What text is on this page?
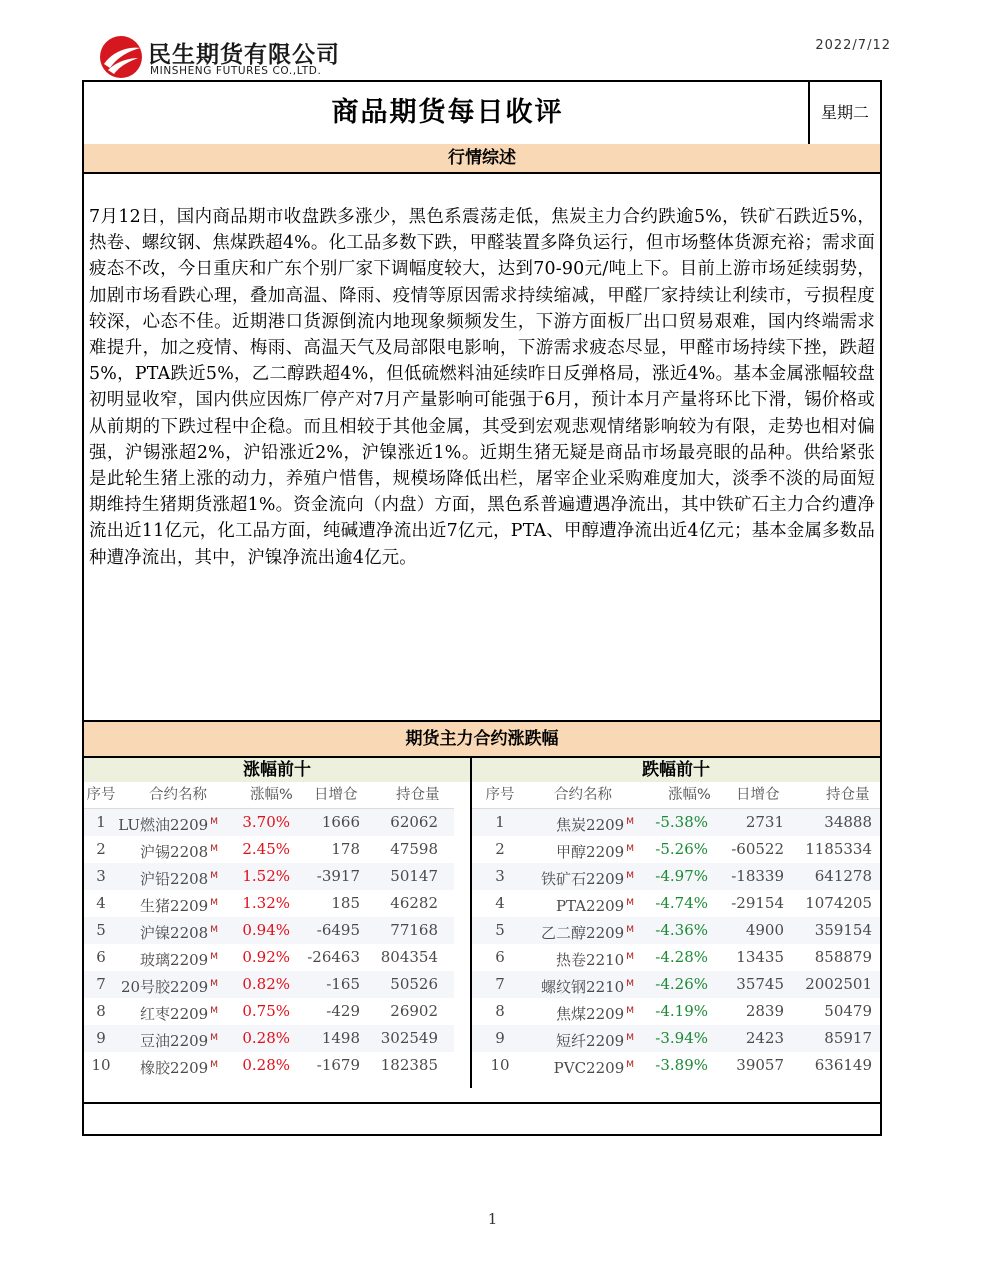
民生期货有限公司
MINSHENG FUTURES CO.,LTD.
2022/7/12
商品期货每日收评	星期二
行情综述
7月12日，国内商品期市收盘跌多涨少，黑色系震荡走低，焦炭主力合约跌逾5%，铁矿石跌近5%，热卷、螺纹钢、焦煤跌超4%。化工品多数下跌，甲醛装置多降负运行，但市场整体货源充裕；需求面疲态不改，今日重庆和广东个别厂家下调幅度较大，达到70-90元/吨上下。目前上游市场延续弱势，加剧市场看跌心理，叠加高温、降雨、疫情等原因需求持续缩减，甲醛厂家持续让利续市，亏损程度较深，心态不佳。近期港口货源倒流内地现象频频发生，下游方面板厂出口贸易艰难，国内终端需求难提升，加之疫情、梅雨、高温天气及局部限电影响，下游需求疲态尽显，甲醛市场持续下挫，跌超5%，PTA跌近5%，乙二醇跌超4%，但低硫燃料油延续昨日反弹格局，涨近4%。基本金属涨幅较盘初明显收窄，国内供应因炼厂停产对7月产量影响可能强于6月，预计本月产量将环比下滑，锡价格或从前期的下跌过程中企稳。而且相较于其他金属，其受到宏观悲观情绪影响较为有限，走势也相对偏强，沪锡涨超2%，沪铅涨近2%，沪镍涨近1%。近期生猪无疑是商品市场最亮眼的品种。供给紧张是此轮生猪上涨的动力，养殖户惜售，规模场降低出栏，屠宰企业采购难度加大，淡季不淡的局面短期维持生猪期货涨超1%。资金流向（内盘）方面，黑色系普遍遭遇净流出，其中铁矿石主力合约遭净流出近11亿元，化工品方面，纯碱遭净流出近7亿元，PTA、甲醇遭净流出近4亿元；基本金属多数品种遭净流出，其中，沪镍净流出逾4亿元。
期货主力合约涨跌幅
涨幅前十
序号 合约名称	涨幅% 日增仓	持仓量
1 LU燃油2209 $^M$	3.70%	1666	62062
2	沪锡2208 $^M$	2.45%	178	47598
3	沪铅2208 $^M$	1.52%	-3917	50147
4	生猪2209 $^M$	1.32%	185	46282
5	沪镍2208 $^M$	0.94%	-6495	77168
6	玻璃2209 $^M$	0.92%	-26463	804354
7	20号胶2209 $^M$	0.82%	-165	50526
8	红枣2209 $^M$	0.75%	-429	26902
9	豆油2209 $^M$	0.28%	1498	302549
10	橡胶2209 $^M$	0.28%	-1679	182385
跌幅前十
序号	合约名称	涨幅% 日增仓	持仓量
1	焦炭2209 $^M$	-5.38%	2731	34888
2	甲醇2209 $^M$	-5.26%	-60522	1185334
3	铁矿石2209 $^M$	-4.97%	-18339	641278
4	PTA2209 $^M$	-4.74%	-29154	1074205
5	乙二醇2209 $^M$	-4.36%	4900	359154
6	热卷2210 $^M$	-4.28%	13435	858879
7	螺纹钢2210 $^M$	-4.26%	35745	2002501
8	焦煤2209 $^M$	-4.19%	2839	50479
9	短纤2209 $^M$	-3.94%	2423	85917
10	PVC2209 $^M$	-3.89%	39057	636149
1
